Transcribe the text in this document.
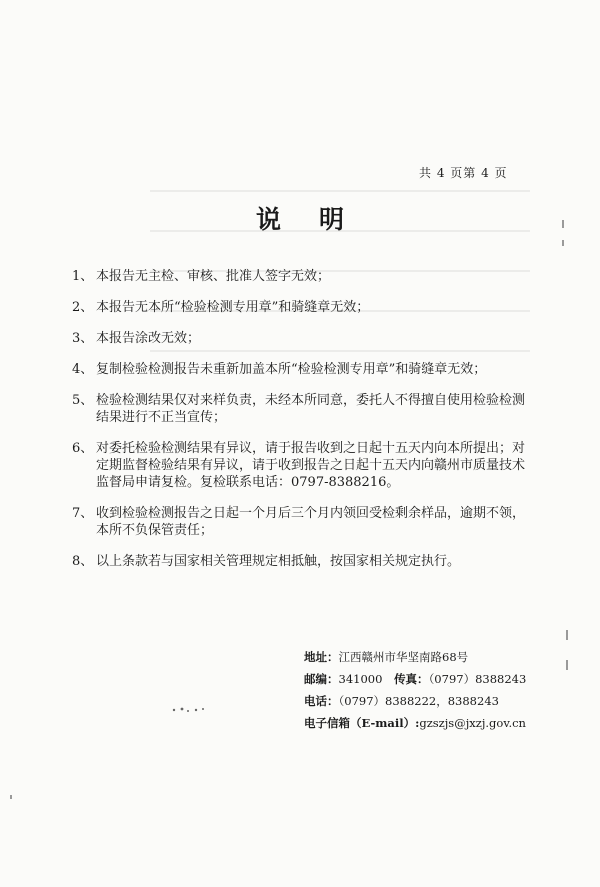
共 4 页第 4 页
说明
1、 本报告无主检、审核、批准人签字无效；
2、 本报告无本所“检验检测专用章”和骑缝章无效；
3、 本报告涂改无效；
4、 复制检验检测报告未重新加盖本所“检验检测专用章”和骑缝章无效；
5、 检验检测结果仅对来样负责，未经本所同意，委托人不得擅自使用检验检测结果进行不正当宣传；
6、 对委托检验检测结果有异议，请于报告收到之日起十五天内向本所提出；对定期监督检验结果有异议，请于收到报告之日起十五天内向赣州市质量技术监督局申请复检。复检联系电话：0797-8388216。
7、 收到检验检测报告之日起一个月后三个月内领回受检剩余样品，逾期不领，本所不负保管责任；
8、 以上条款若与国家相关管理规定相抵触，按国家相关规定执行。
地址：江西赣州市华坚南路68号
邮编：341000 传真：（0797）8388243
电话：（0797）8388222，8388243
电子信箱（E-mail）:gzszjs@jxzj.gov.cn
